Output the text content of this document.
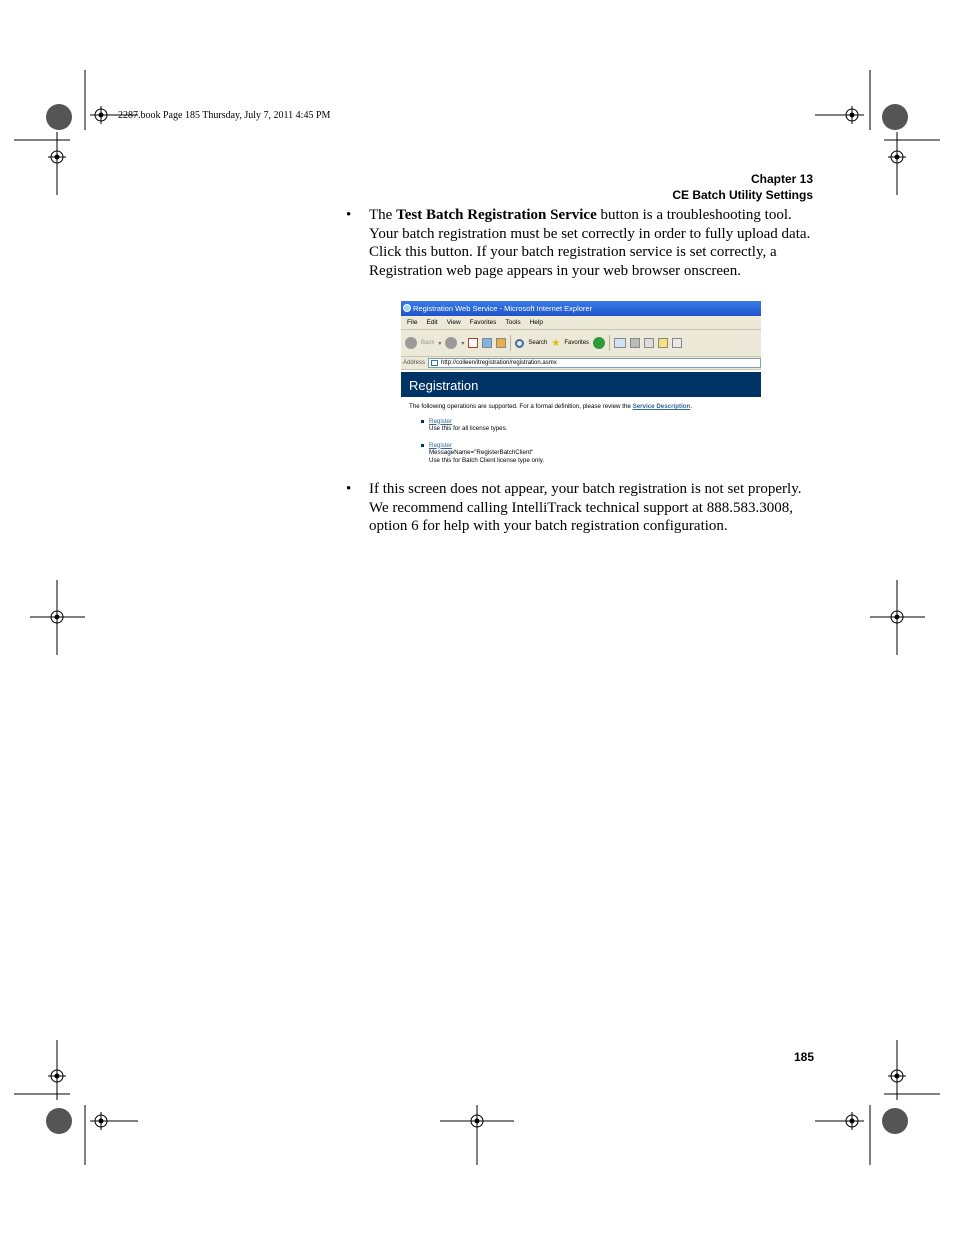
2287.book Page 185 Thursday, July 7, 2011 4:45 PM
Chapter 13
CE Batch Utility Settings
• The Test Batch Registration Service button is a troubleshooting tool. Your batch registration must be set correctly in order to fully upload data. Click this button. If your batch registration service is set correctly, a Registration web page appears in your web browser onscreen.
Registration Web Service - Microsoft Internet Explorer
File Edit View Favorites Tools Help
Back ▾	▾	Search ★ Favorites
Address	http://colleen/itregistration/registration.asmx
Registration
The following operations are supported. For a formal definition, please review the Service Description.
Register
Use this for all license types.
Register
MessageName="RegisterBatchClient"
Use this for Batch Client license type only.
• If this screen does not appear, your batch registration is not set properly. We recommend calling IntelliTrack technical support at 888.583.3008, option 6 for help with your batch registration configuration.
185
